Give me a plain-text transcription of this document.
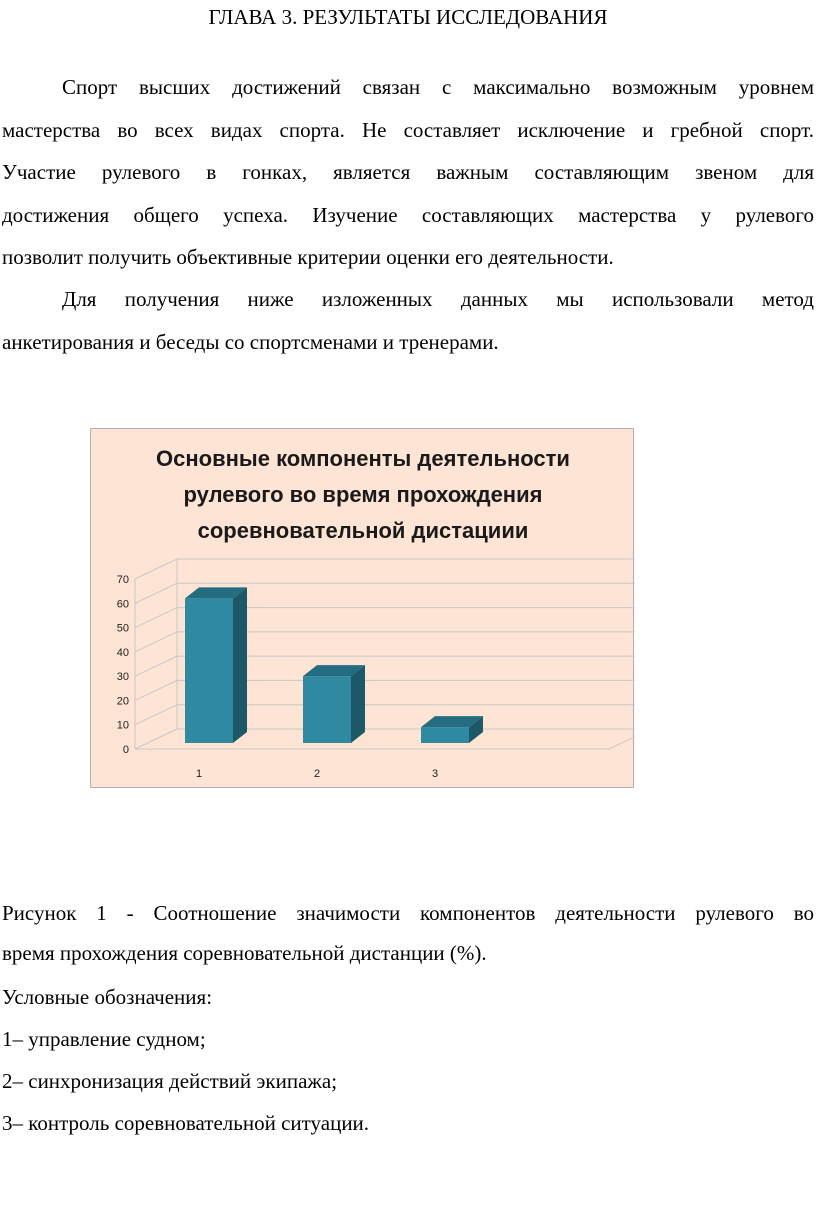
ГЛАВА 3. РЕЗУЛЬТАТЫ ИССЛЕДОВАНИЯ
Спорт высших достижений связан с максимально возможным уровнем
мастерства во всех видах спорта. Не составляет исключение и гребной спорт.
Участие рулевого в гонках, является важным составляющим звеном для
достижения общего успеха. Изучение составляющих мастерства у рулевого
позволит получить объективные критерии оценки его деятельности.
Для получения ниже изложенных данных мы использовали метод
анкетирования и беседы со спортсменами и тренерами.
Основные компоненты деятельности
рулевого во время прохождения
соревновательной дистациии
0
10
20
30
40
50
60
70
1	2	3
Рисунок 1 - Соотношение значимости компонентов деятельности рулевого во
время прохождения соревновательной дистанции (%).
Условные обозначения:
1– управление судном;
2– синхронизация действий экипажа;
3– контроль соревновательной ситуации.
